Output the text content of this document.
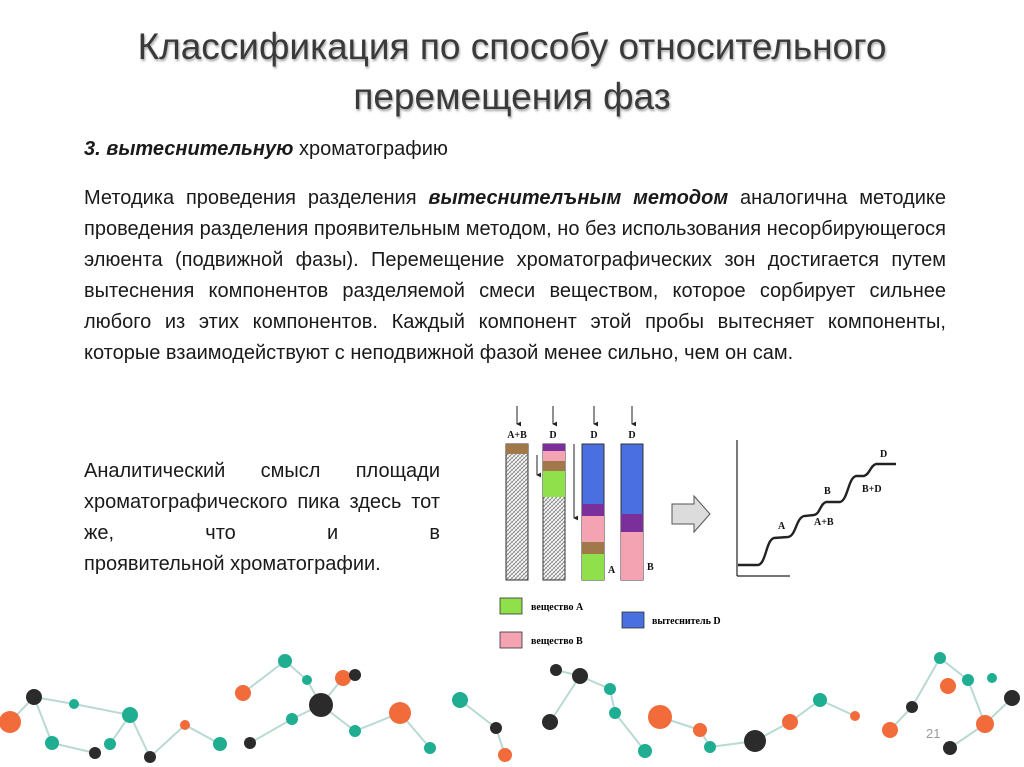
Классификация по способу относительного перемещения фаз
3. вытеснительную хроматографию
Методика проведения разделения вытеснителъным методом аналогична методике проведения разделения проявительным методом, но без использования несорбирующегося элюента (подвижной фазы). Перемещение хроматографических зон достигается путем вытеснения компонентов разделяемой смеси веществом, которое сорбирует сильнее любого из этих компонентов. Каждый компонент этой пробы вытесняет компоненты, которые взаимодействуют с неподвижной фазой менее сильно, чем он сам.
Аналитический смысл площади хроматографического пика здесь тот же, что и в
проявительной хроматографии.
A+B D	D	D
A	B
A	A+B
B	B+D
D
вещество А
вытеснитель D
вещество В
21
